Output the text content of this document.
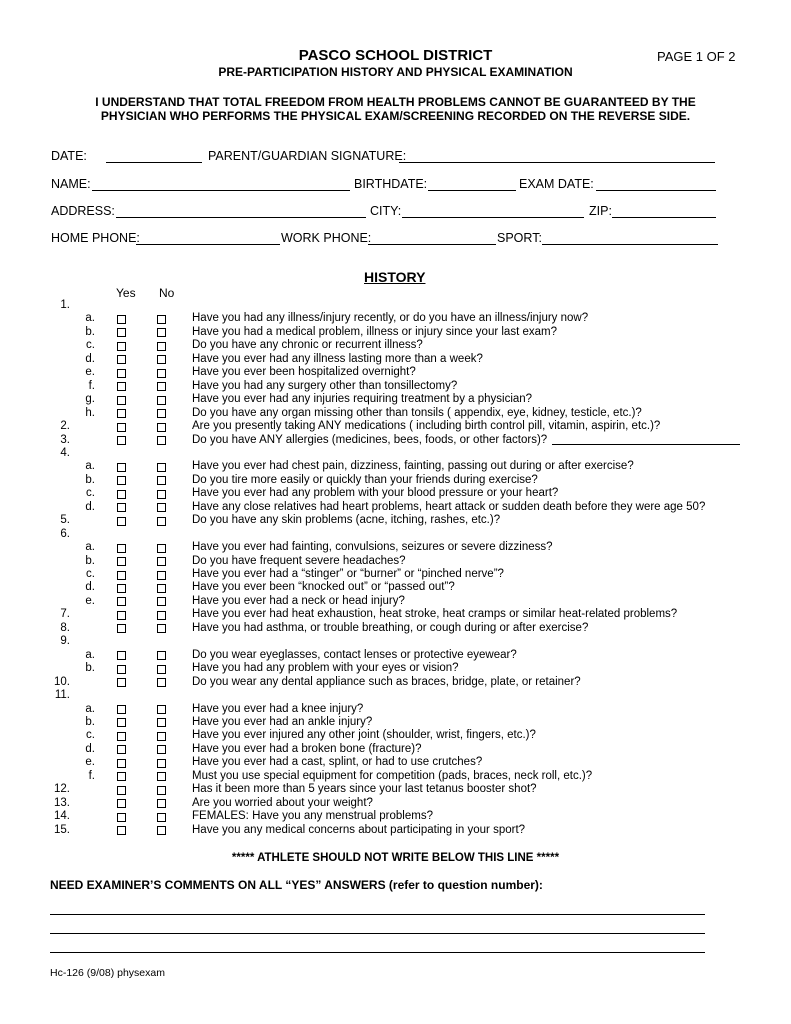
PASCO SCHOOL DISTRICT	PAGE 1 OF 2
PRE-PARTICIPATION HISTORY AND PHYSICAL EXAMINATION
I UNDERSTAND THAT TOTAL FREEDOM FROM HEALTH PROBLEMS CANNOT BE GUARANTEED BY THE
PHYSICIAN WHO PERFORMS THE PHYSICAL EXAM/SCREENING RECORDED ON THE REVERSE SIDE.
DATE:	PARENT/GUARDIAN SIGNATURE:
NAME:	BIRTHDATE:	EXAM DATE:
ADDRESS:	CITY:	ZIP:
HOME PHONE:	WORK PHONE:	SPORT:
HISTORY
Yes No
1.
a.	Have you had any illness/injury recently, or do you have an illness/injury now?
b.	Have you had a medical problem, illness or injury since your last exam?
c.	Do you have any chronic or recurrent illness?
d.	Have you ever had any illness lasting more than a week?
e.	Have you ever been hospitalized overnight?
f.	Have you had any surgery other than tonsillectomy?
g.	Have you ever had any injuries requiring treatment by a physician?
h.	Do you have any organ missing other than tonsils ( appendix, eye, kidney, testicle, etc.)?
2.	Are you presently taking ANY medications ( including birth control pill, vitamin, aspirin, etc.)?
3.	Do you have ANY allergies (medicines, bees, foods, or other factors)?
4.
a.	Have you ever had chest pain, dizziness, fainting, passing out during or after exercise?
b.	Do you tire more easily or quickly than your friends during exercise?
c.	Have you ever had any problem with your blood pressure or your heart?
d.	Have any close relatives had heart problems, heart attack or sudden death before they were age 50?
5.	Do you have any skin problems (acne, itching, rashes, etc.)?
6.
a.	Have you ever had fainting, convulsions, seizures or severe dizziness?
b.	Do you have frequent severe headaches?
c.	Have you ever had a “stinger” or “burner” or “pinched nerve”?
d.	Have you ever been “knocked out” or “passed out”?
e.	Have you ever had a neck or head injury?
7.	Have you ever had heat exhaustion, heat stroke, heat cramps or similar heat-related problems?
8.	Have you had asthma, or trouble breathing, or cough during or after exercise?
9.
a.	Do you wear eyeglasses, contact lenses or protective eyewear?
b.	Have you had any problem with your eyes or vision?
10.	Do you wear any dental appliance such as braces, bridge, plate, or retainer?
11.
a.	Have you ever had a knee injury?
b.	Have you ever had an ankle injury?
c.	Have you ever injured any other joint (shoulder, wrist, fingers, etc.)?
d.	Have you ever had a broken bone (fracture)?
e.	Have you ever had a cast, splint, or had to use crutches?
f.	Must you use special equipment for competition (pads, braces, neck roll, etc.)?
12.	Has it been more than 5 years since your last tetanus booster shot?
13.	Are you worried about your weight?
14.	FEMALES: Have you any menstrual problems?
15.	Have you any medical concerns about participating in your sport?
***** ATHLETE SHOULD NOT WRITE BELOW THIS LINE *****
NEED EXAMINER’S COMMENTS ON ALL “YES” ANSWERS (refer to question number):
Hc-126 (9/08) physexam
